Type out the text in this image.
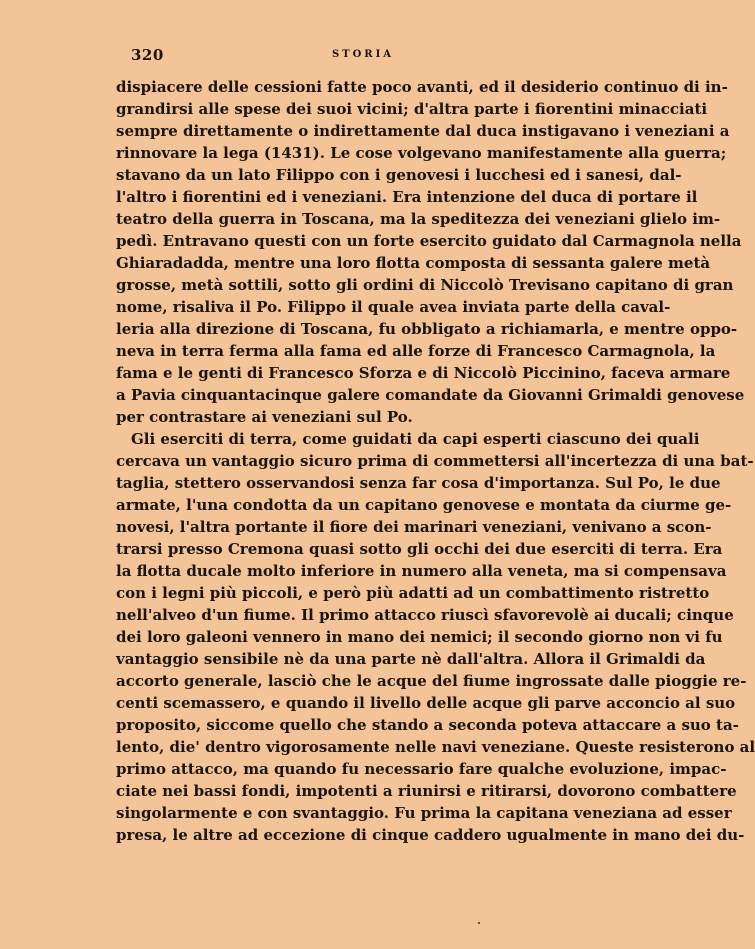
320	STORIA
dispiacere delle cessioni fatte poco avanti, ed il desiderio continuo di in-
grandirsi alle spese dei suoi vicini; d'altra parte i fiorentini minacciati
sempre direttamente o indirettamente dal duca instigavano i veneziani a
rinnovare la lega (1431). Le cose volgevano manifestamente alla guerra;
stavano da un lato Filippo con i genovesi i lucchesi ed i sanesi, dal-
l'altro i fiorentini ed i veneziani. Era intenzione del duca di portare il
teatro della guerra in Toscana, ma la speditezza dei veneziani glielo im-
pedì. Entravano questi con un forte esercito guidato dal Carmagnola nella
Ghiaradadda, mentre una loro flotta composta di sessanta galere metà
grosse, metà sottili, sotto gli ordini di Niccolò Trevisano capitano di gran
nome, risaliva il Po. Filippo il quale avea inviata parte della caval-
leria alla direzione di Toscana, fu obbligato a richiamarla, e mentre oppo-
neva in terra ferma alla fama ed alle forze di Francesco Carmagnola, la
fama e le genti di Francesco Sforza e di Niccolò Piccinino, faceva armare
a Pavia cinquantacinque galere comandate da Giovanni Grimaldi genovese
per contrastare ai veneziani sul Po.
Gli eserciti di terra, come guidati da capi esperti ciascuno dei quali
cercava un vantaggio sicuro prima di commettersi all'incertezza di una bat-
taglia, stettero osservandosi senza far cosa d'importanza. Sul Po, le due
armate, l'una condotta da un capitano genovese e montata da ciurme ge-
novesi, l'altra portante il fiore dei marinari veneziani, venivano a scon-
trarsi presso Cremona quasi sotto gli occhi dei due eserciti di terra. Era
la flotta ducale molto inferiore in numero alla veneta, ma si compensava
con i legni più piccoli, e però più adatti ad un combattimento ristretto
nell'alveo d'un fiume. Il primo attacco riuscì sfavorevolè ai ducali; cinque
dei loro galeoni vennero in mano dei nemici; il secondo giorno non vi fu
vantaggio sensibile nè da una parte nè dall'altra. Allora il Grimaldi da
accorto generale, lasciò che le acque del fiume ingrossate dalle pioggie re-
centi scemassero, e quando il livello delle acque gli parve acconcio al suo
proposito, siccome quello che stando a seconda poteva attaccare a suo ta-
lento, die' dentro vigorosamente nelle navi veneziane. Queste resisterono al
primo attacco, ma quando fu necessario fare qualche evoluzione, impac-
ciate nei bassi fondi, impotenti a riunirsi e ritirarsi, dovorono combattere
singolarmente e con svantaggio. Fu prima la capitana veneziana ad esser
presa, le altre ad eccezione di cinque caddero ugualmente in mano dei du-
